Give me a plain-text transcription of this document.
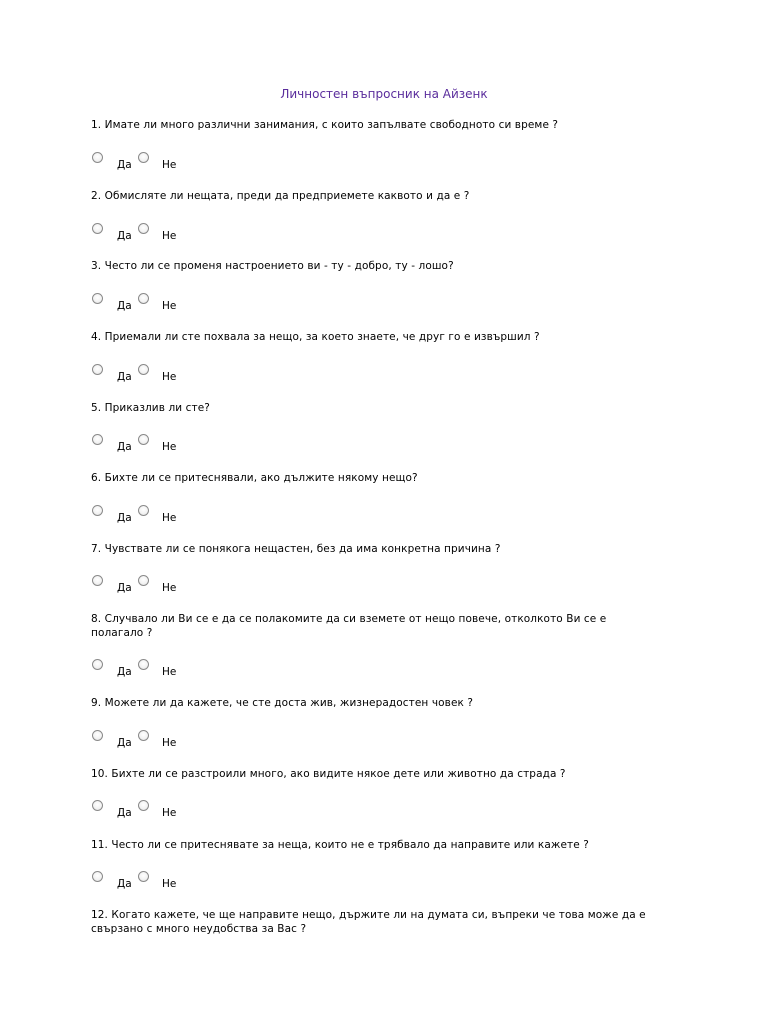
Личностен въпросник на Айзенк
1. Имате ли много различни занимания, с които запълвате свободното си време ?
Да	Не
2. Обмисляте ли нещата, преди да предприемете каквото и да е ?
Да	Не
3. Често ли се променя настроението ви - ту - добро, ту - лошо?
Да	Не
4. Приемали ли сте похвала за нещо, за което знаете, че друг го е извършил ?
Да	Не
5. Приказлив ли сте?
Да	Не
6. Бихте ли се притеснявали, ако дължите някому нещо?
Да	Не
7. Чувствате ли се понякога нещастен, без да има конкретна причина ?
Да	Не
8. Случвало ли Ви се е да се полакомите да си вземете от нещо повече, отколкото Ви се е полагало ?
Да	Не
9. Можете ли да кажете, че сте доста жив, жизнерадостен човек ?
Да	Не
10. Бихте ли се разстроили много, ако видите някое дете или животно да страда ?
Да	Не
11. Често ли се притеснявате за неща, които не е трябвало да направите или кажете ?
Да	Не
12. Когато кажете, че ще направите нещо, държите ли на думата си, въпреки че това може да е свързано с много неудобства за Вас ?
